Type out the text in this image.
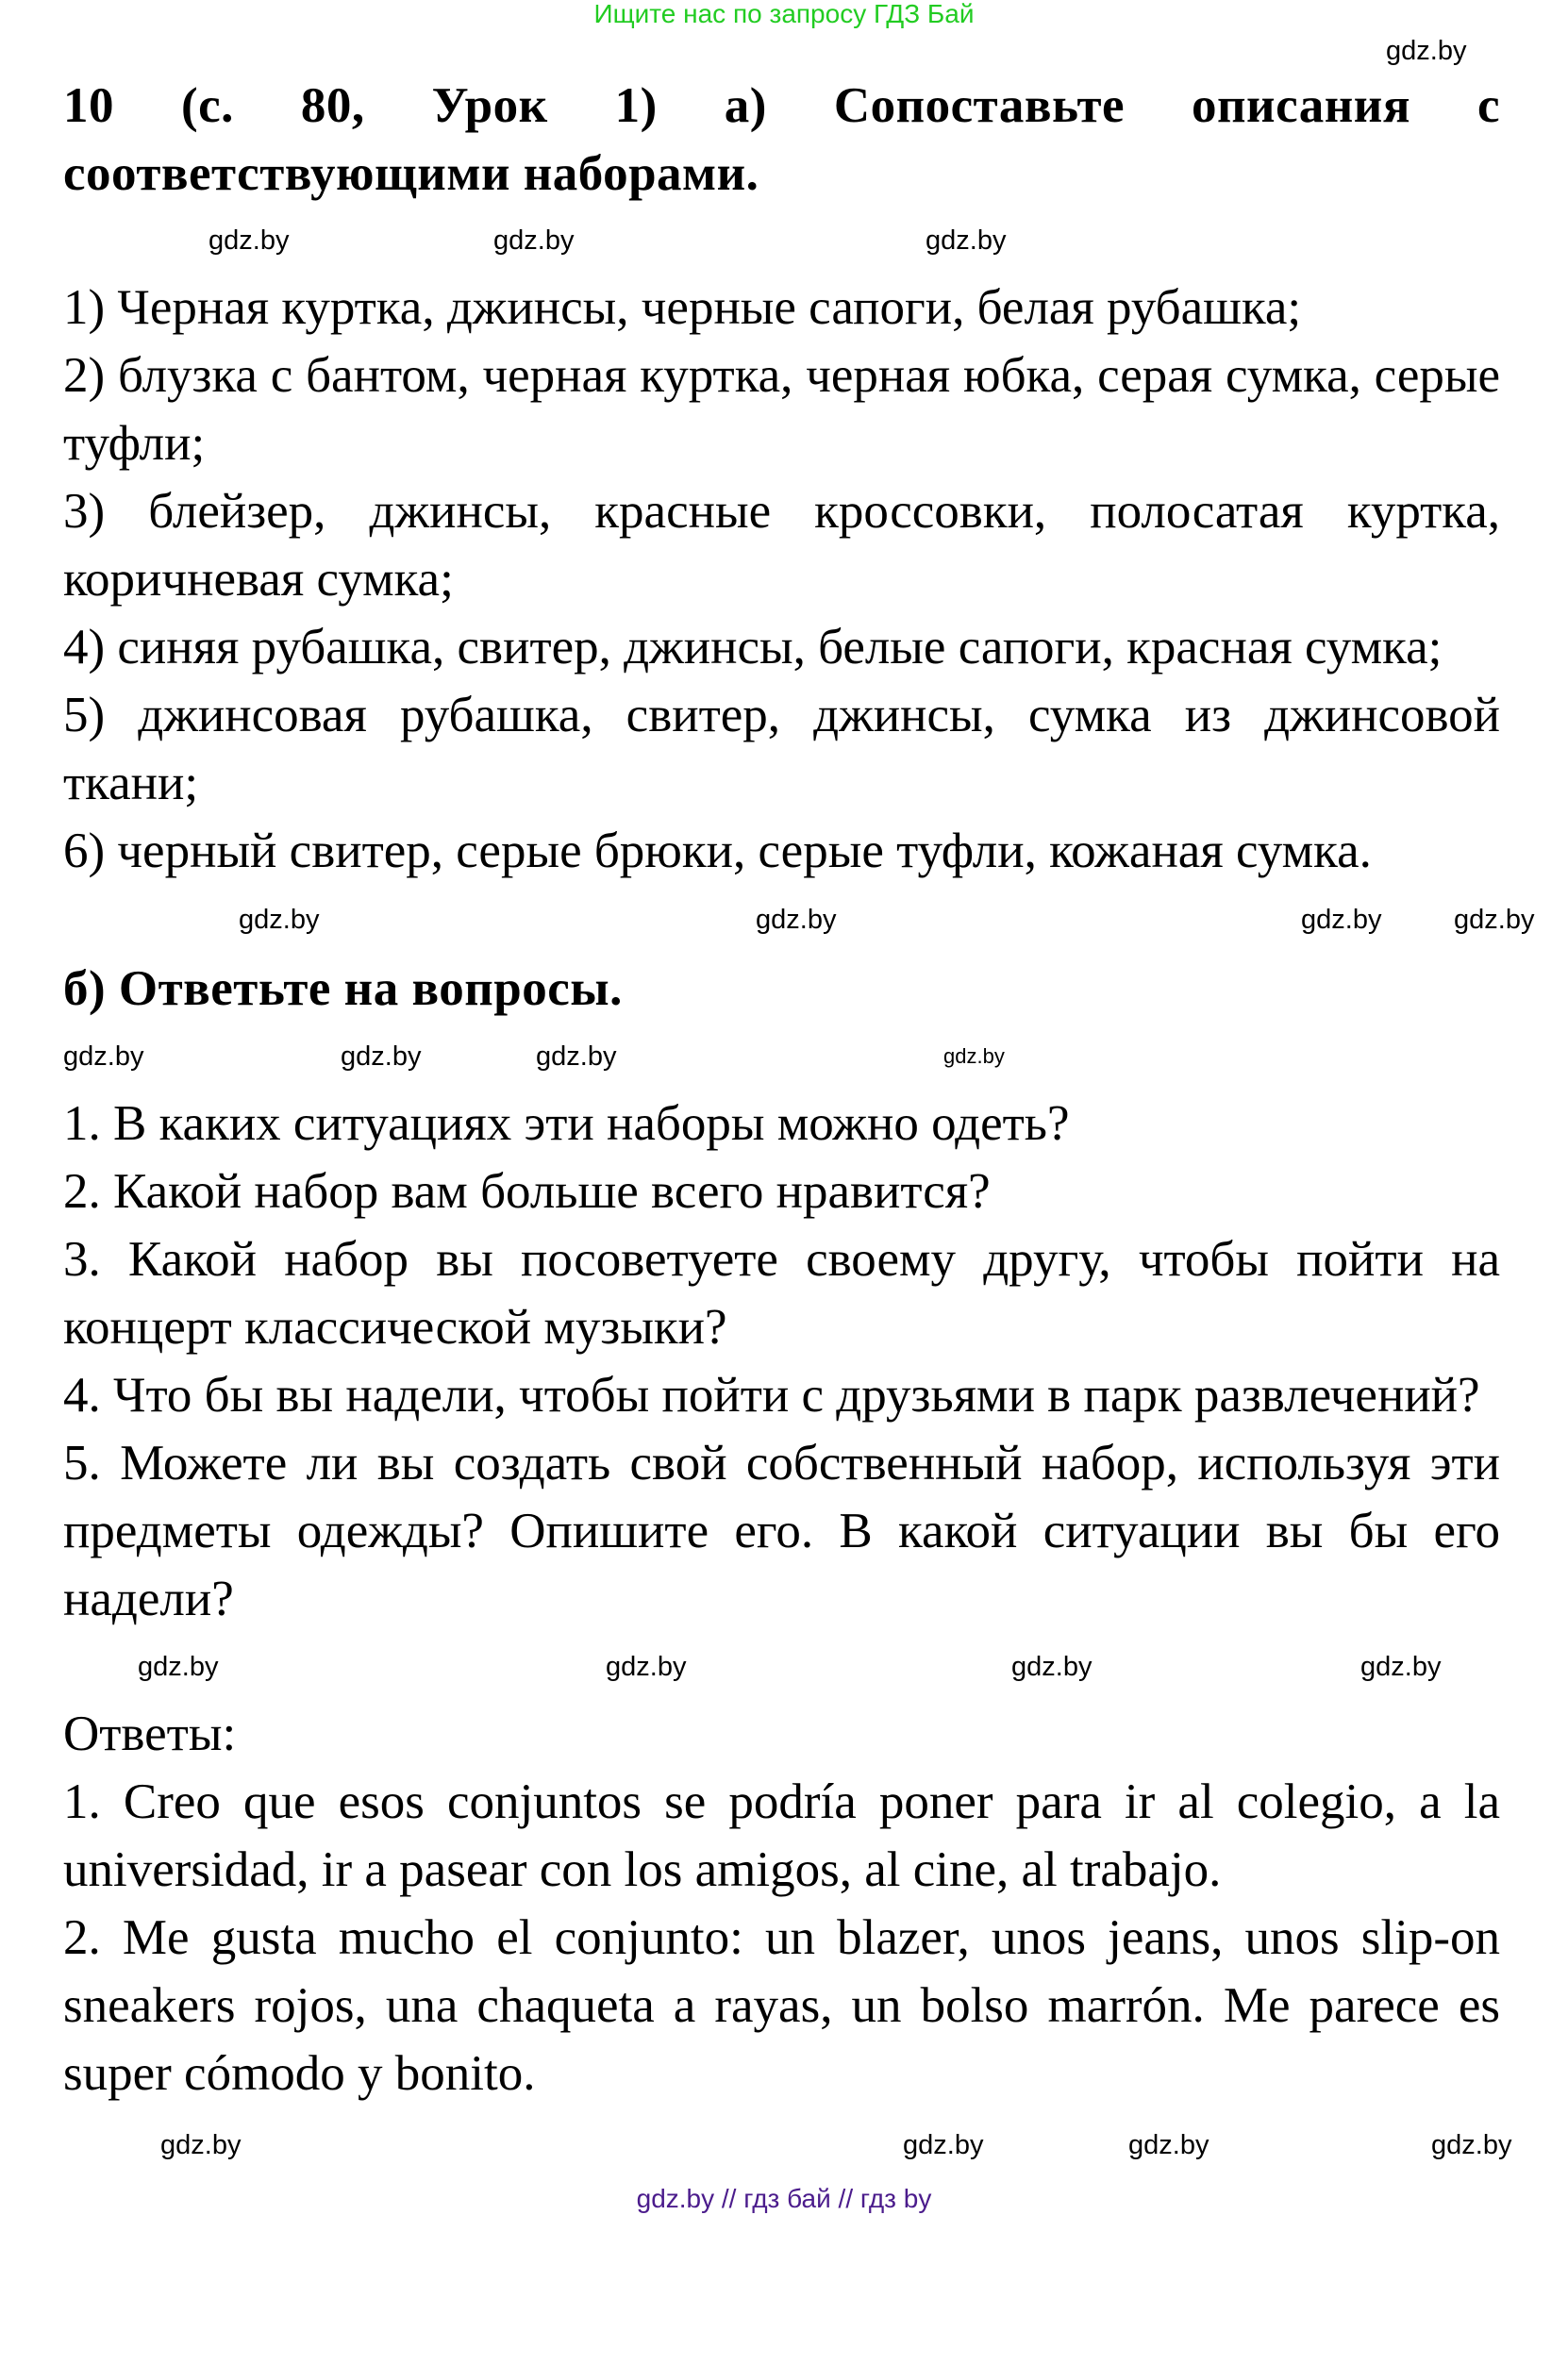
Ищите нас по запросу ГДЗ Бай
gdz.by

10 (с. 80, Урок 1) а) Сопоставьте описания с соответствующими наборами.

gdz.by	gdz.by	gdz.by

1) Черная куртка, джинсы, черные сапоги, белая рубашка;

2) блузка с бантом, черная куртка, черная юбка, серая сумка, серые туфли;

3) блейзер, джинсы, красные кроссовки, полосатая куртка, коричневая сумка;

4) синяя рубашка, свитер, джинсы, белые сапоги, красная сумка;

5) джинсовая рубашка, свитер, джинсы, сумка из джинсовой ткани;

6) черный свитер, серые брюки, серые туфли, кожаная сумка.

gdz.by	gdz.by	gdz.by	gdz.by

б) Ответьте на вопросы.

gdz.by	gdz.by	gdz.by	gdz.by

1. В каких ситуациях эти наборы можно одеть?

2. Какой набор вам больше всего нравится?

3. Какой набор вы посоветуете своему другу, чтобы пойти на концерт классической музыки?

4. Что бы вы надели, чтобы пойти с друзьями в парк развлечений?

5. Можете ли вы создать свой собственный набор, используя эти предметы одежды? Опишите его. В какой ситуации вы бы его надели?

gdz.by	gdz.by	gdz.by	gdz.by

Ответы:

1. Creo que esos conjuntos se podría poner para ir al colegio, a la universidad, ir a pasear con los amigos, al cine, al trabajo.

2. Me gusta mucho el conjunto: un blazer, unos jeans, unos slip-on sneakers rojos, una chaqueta a rayas, un bolso marrón. Me parece es super cómodo y bonito.

gdz.by	gdz.by	gdz.by	gdz.by
gdz.by // гдз бай // гдз by
